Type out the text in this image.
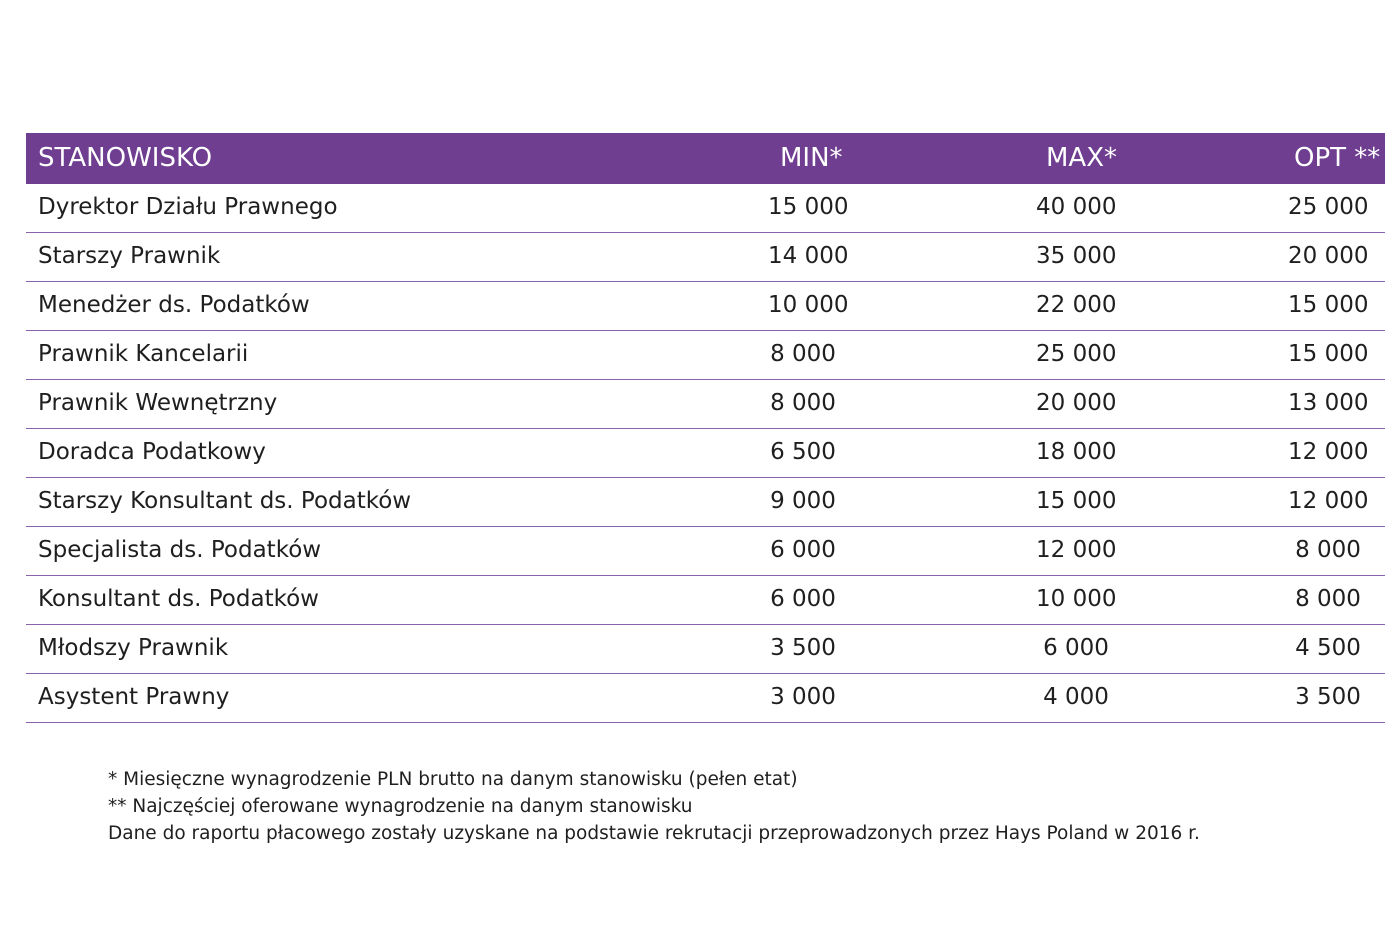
STANOWISKO	MIN*	MAX*	OPT **
Dyrektor Działu Prawnego	15 000	40 000	25 000
Starszy Prawnik	14 000	35 000	20 000
Menedżer ds. Podatków	10 000	22 000	15 000
Prawnik Kancelarii	8 000	25 000	15 000
Prawnik Wewnętrzny	8 000	20 000	13 000
Doradca Podatkowy	6 500	18 000	12 000
Starszy Konsultant ds. Podatków	9 000	15 000	12 000
Specjalista ds. Podatków	6 000	12 000	8 000
Konsultant ds. Podatków	6 000	10 000	8 000
Młodszy Prawnik	3 500	6 000	4 500
Asystent Prawny	3 000	4 000	3 500
* Miesięczne wynagrodzenie PLN brutto na danym stanowisku (pełen etat)
** Najczęściej oferowane wynagrodzenie na danym stanowisku
Dane do raportu płacowego zostały uzyskane na podstawie rekrutacji przeprowadzonych przez Hays Poland w 2016 r.
